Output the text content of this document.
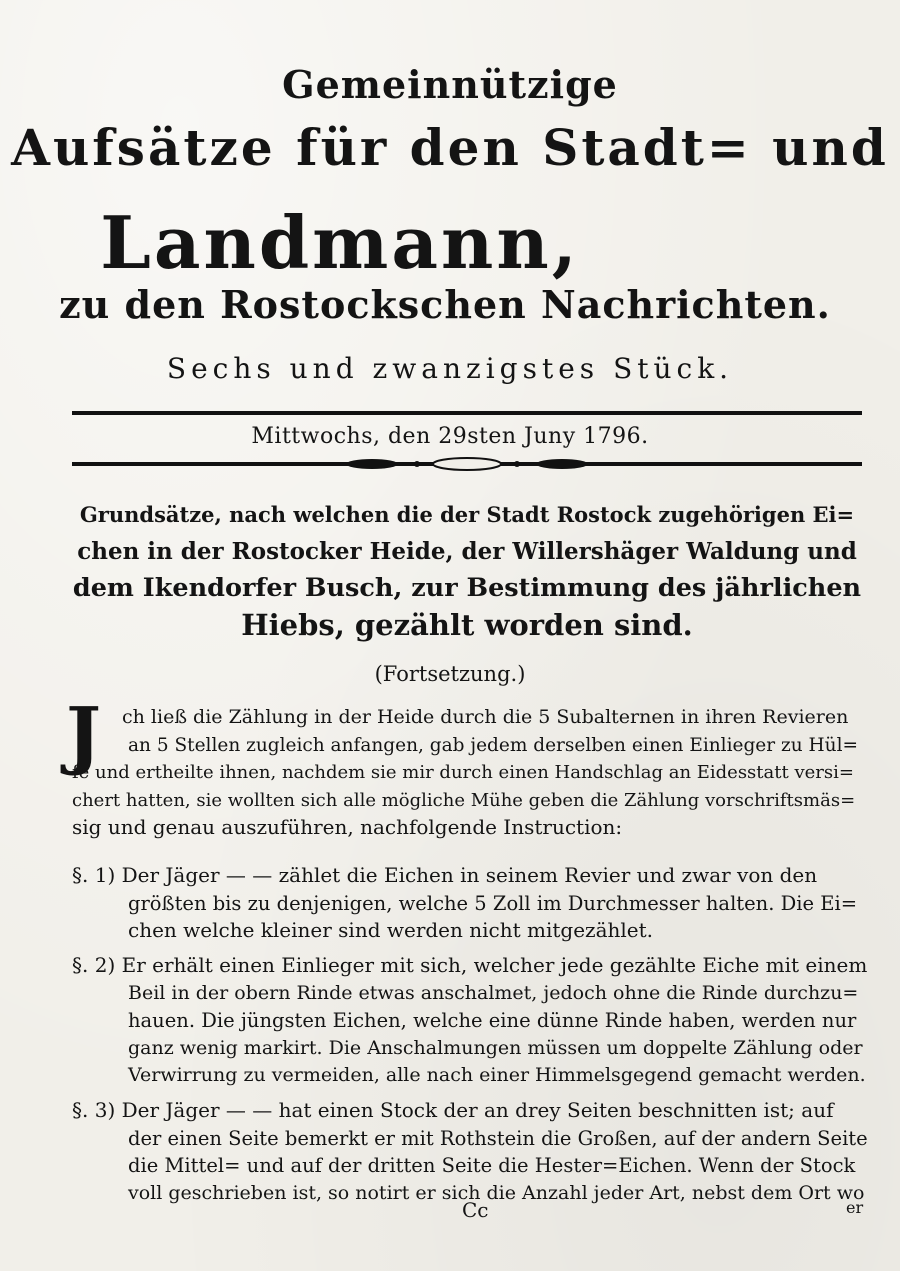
Gemeinnützige
Aufsätze für den Stadt= und
Landmann,
zu den Rostockschen Nachrichten.
Sechs und zwanzigstes Stück.
Mittwochs, den 29sten Juny 1796.
Grundsätze, nach welchen die der Stadt Rostock zugehörigen Ei=
chen in der Rostocker Heide, der Willershäger Waldung und
dem Ikendorfer Busch, zur Bestimmung des jährlichen
Hiebs, gezählt worden sind.
(Fortsetzung.)
J	ch ließ die Zählung in der Heide durch die 5 Subalternen in ihren Revieren
an 5 Stellen zugleich anfangen, gab jedem derselben einen Einlieger zu Hül=
fe und ertheilte ihnen, nachdem sie mir durch einen Handschlag an Eidesstatt versi=
chert hatten, sie wollten sich alle mögliche Mühe geben die Zählung vorschriftsmäs=
sig und genau auszuführen, nachfolgende Instruction:
§. 1) Der Jäger — — zählet die Eichen in seinem Revier und zwar von den
größten bis zu denjenigen, welche 5 Zoll im Durchmesser halten. Die Ei=
chen welche kleiner sind werden nicht mitgezählet.
§. 2) Er erhält einen Einlieger mit sich, welcher jede gezählte Eiche mit einem
Beil in der obern Rinde etwas anschalmet, jedoch ohne die Rinde durchzu=
hauen. Die jüngsten Eichen, welche eine dünne Rinde haben, werden nur
ganz wenig markirt. Die Anschalmungen müssen um doppelte Zählung oder
Verwirrung zu vermeiden, alle nach einer Himmelsgegend gemacht werden.
§. 3) Der Jäger — — hat einen Stock der an drey Seiten beschnitten ist; auf
der einen Seite bemerkt er mit Rothstein die Großen, auf der andern Seite
die Mittel= und auf der dritten Seite die Hester=Eichen. Wenn der Stock
voll geschrieben ist, so notirt er sich die Anzahl jeder Art, nebst dem Ort wo
Cc	er
